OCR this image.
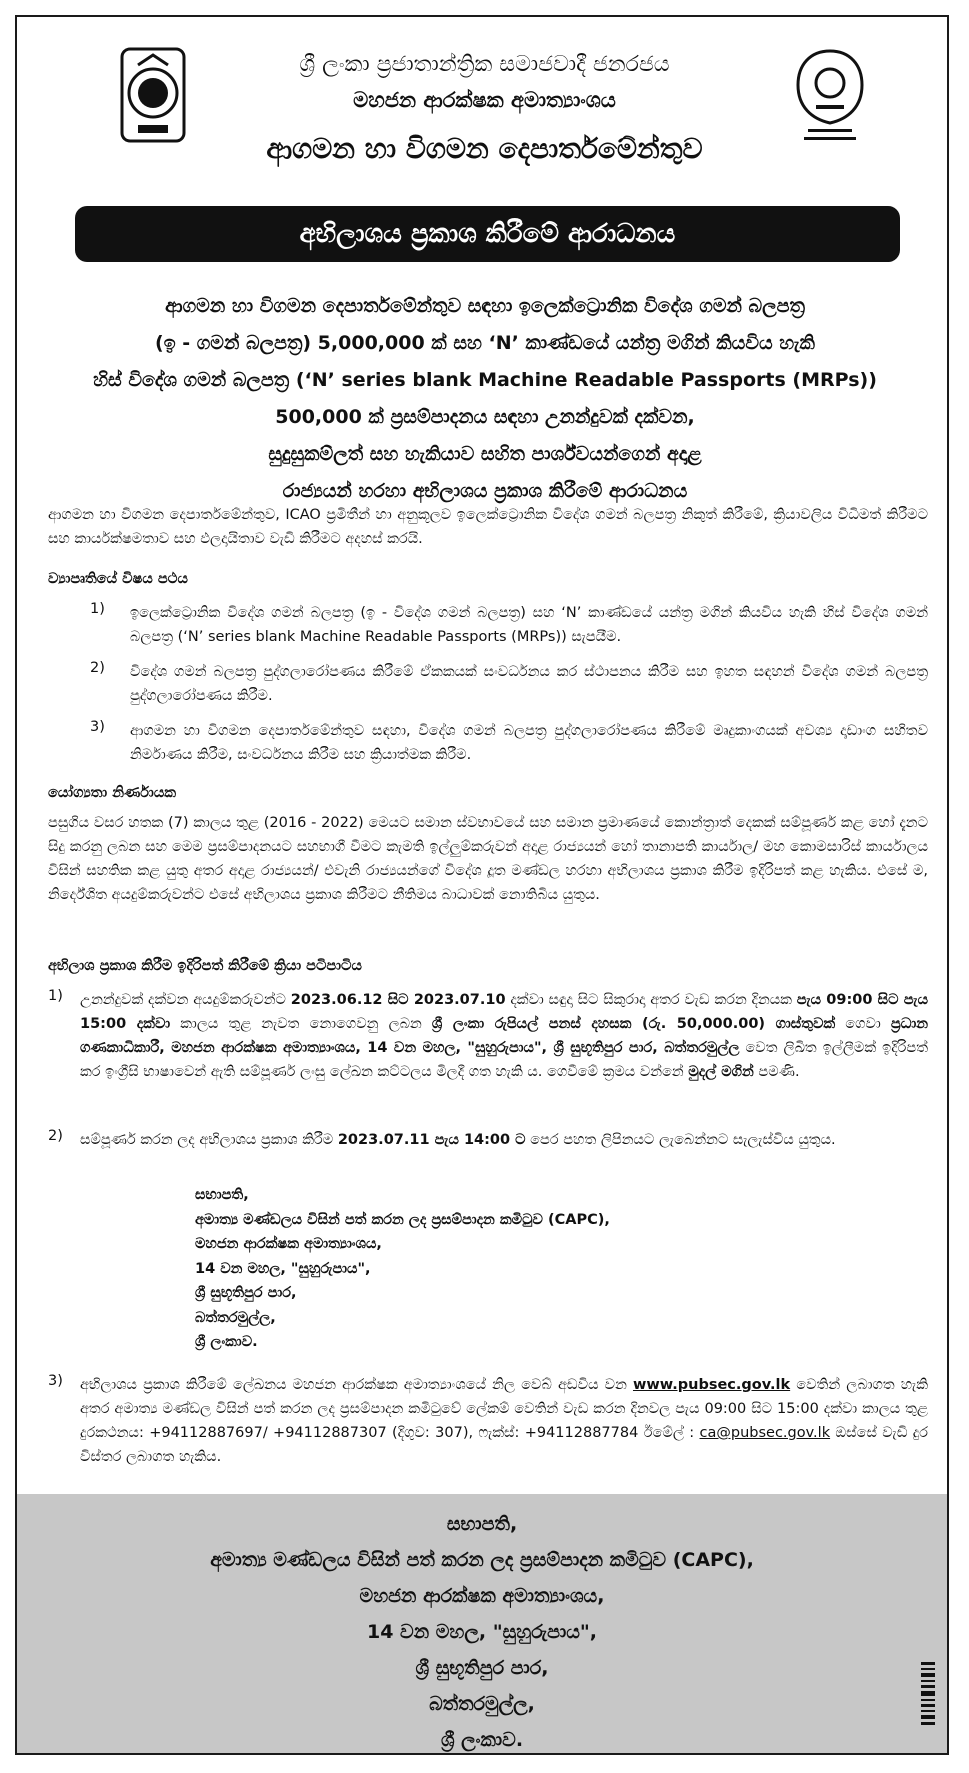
ශ්‍රී ලංකා ප්‍රජාතාන්ත්‍රික සමාජවාදී ජනරජය
මහජන ආරක්ෂක අමාත්‍යාංශය
ආගමන හා විගමන දෙපාර්තමේන්තුව
අභිලාශය ප්‍රකාශ කිරීමේ ආරාධනය
ආගමන හා විගමන දෙපාර්තමේන්තුව සඳහා ඉලෙක්ට්‍රොනික විදේශ ගමන් බලපත්‍ර
(ඉ - ගමන් බලපත්‍ර) 5,000,000 ක් සහ ‘N’ කාණ්ඩයේ යන්ත්‍ර මගින් කියවිය හැකි
හිස් විදේශ ගමන් බලපත්‍ර (‘N’ series blank Machine Readable Passports (MRPs))
500,000 ක් ප්‍රසම්පාදනය සඳහා උනන්දුවක් දක්වන,
සුදුසුකම්ලත් සහ හැකියාව සහිත පාර්ශ්වයන්ගෙන් අදාළ
රාජ්‍යයන් හරහා අභිලාශය ප්‍රකාශ කිරීමේ ආරාධනය
ආගමන හා විගමන දෙපාර්තමේන්තුව, ICAO ප්‍රමිතීන් හා අනුකූලව ඉලෙක්ට්‍රොනික විදේශ ගමන් බලපත්‍ර නිකුත් කිරීමේ, ක්‍රියාවලිය විධිමත් කිරීමට සහ කාර්යක්ෂමතාව සහ ඵලදායිතාව වැඩි කිරීමට අදහස් කරයි.
ව්‍යාපෘතියේ විෂය පථය
1) ඉලෙක්ට්‍රොනික විදේශ ගමන් බලපත්‍ර (ඉ - විදේශ ගමන් බලපත්‍ර) සහ ‘N’ කාණ්ඩයේ යන්ත්‍ර මගින් කියවිය හැකි හිස් විදේශ ගමන් බලපත්‍ර (‘N’ series blank Machine Readable Passports (MRPs)) සැපයීම.
2) විදේශ ගමන් බලපත්‍ර පුද්ගලාරෝපණය කිරීමේ ඒකකයක් සංවර්ධනය කර ස්ථාපනය කිරීම සහ ඉහත සඳහන් විදේශ ගමන් බලපත්‍ර පුද්ගලාරෝපණය කිරීම.
3) ආගමන හා විගමන දෙපාර්තමේන්තුව සඳහා, විදේශ ගමන් බලපත්‍ර පුද්ගලාරෝපණය කිරීමේ මෘදුකාංගයක් අවශ්‍ය දෘඩාංග සහිතව නිර්මාණය කිරීම, සංවර්ධනය කිරීම සහ ක්‍රියාත්මක කිරීම.
යෝග්‍යතා නිර්ණායක
පසුගිය වසර හතක (7) කාලය තුළ (2016 - 2022) මෙයට සමාන ස්වභාවයේ සහ සමාන ප්‍රමාණයේ කොන්ත්‍රාත් දෙකක් සම්පූර්ණ කළ හෝ දැනට සිදු කරනු ලබන සහ මෙම ප්‍රසම්පාදනයට සහභාගී වීමට කැමති ඉල්ලුම්කරුවන් අදාළ රාජ්‍යයන් හෝ තානාපති කාර්යාල/ මහ කොමසාරිස් කාර්යාලය විසින් සහතික කළ යුතු අතර අදාළ රාජ්‍යයන්/ එවැනි රාජ්‍යයන්ගේ විදේශ දූත මණ්ඩල හරහා අභිලාශය ප්‍රකාශ කිරීම ඉදිරිපත් කළ හැකිය. එසේ ම, නිර්දේශිත අයදුම්කරුවන්ට එසේ අභිලාශය ප්‍රකාශ කිරීමට නීතිමය බාධාවක් නොතිබිය යුතුය.
අභිලාශ ප්‍රකාශ කිරීම ඉදිරිපත් කිරීමේ ක්‍රියා පටිපාටිය
1) උනන්දුවක් දක්වන අයදුම්කරුවන්ට 2023.06.12 සිට 2023.07.10 දක්වා සඳුදා සිට සිකුරාදා අතර වැඩ කරන දිනයක පැය 09:00 සිට පැය 15:00 දක්වා කාලය තුළ නැවත නොගෙවනු ලබන ශ්‍රී ලංකා රුපියල් පනස් දහසක (රු. 50,000.00) ගාස්තුවක් ගෙවා ප්‍රධාන ගණකාධිකාරී, මහජන ආරක්ෂක අමාත්‍යාංශය, 14 වන මහල, "සුහුරුපාය", ශ්‍රී සුභූතිපුර පාර, බත්තරමුල්ල වෙත ලිඛිත ඉල්ලීමක් ඉදිරිපත් කර ඉංග්‍රීසි භාෂාවෙන් ඇති සම්පූර්ණ ලංසු ලේඛන කට්ටලය මිලදී ගත හැකි ය. ගෙවීමේ ක්‍රමය වන්නේ මුදල් මගින් පමණි.
2) සම්පූර්ණ කරන ලද අභිලාශය ප්‍රකාශ කිරීම 2023.07.11 පැය 14:00 ට පෙර පහත ලිපිනයට ලැබෙන්නට සැලැස්විය යුතුය.
සභාපති,
අමාත්‍ය මණ්ඩලය විසින් පත් කරන ලද ප්‍රසම්පාදන කමිටුව (CAPC),
මහජන ආරක්ෂක අමාත්‍යාංශය,
14 වන මහල, "සුහුරුපාය",
ශ්‍රී සුභූතිපුර පාර,
බත්තරමුල්ල,
ශ්‍රී ලංකාව.
3) අභිලාශය ප්‍රකාශ කිරීමේ ලේඛනය මහජන ආරක්ෂක අමාත්‍යාංශයේ නිල වෙබ් අඩවිය වන www.pubsec.gov.lk වෙතින් ලබාගත හැකි අතර අමාත්‍ය මණ්ඩල විසින් පත් කරන ලද ප්‍රසම්පාදන කමිටුවේ ලේකම් වෙතින් වැඩ කරන දිනවල පැය 09:00 සිට 15:00 දක්වා කාලය තුළ දුරකථනය: +94112887697/ +94112887307 (දිගුව: 307), ෆැක්ස්: +94112887784 ඊමේල් : ca@pubsec.gov.lk ඔස්සේ වැඩි දුර විස්තර ලබාගත හැකිය.
සභාපති,
අමාත්‍ය මණ්ඩලය විසින් පත් කරන ලද ප්‍රසම්පාදන කමිටුව (CAPC),
මහජන ආරක්ෂක අමාත්‍යාංශය,
14 වන මහල, "සුහුරුපාය",
ශ්‍රී සුභූතිපුර පාර,
බත්තරමුල්ල,
ශ්‍රී ලංකාව.
